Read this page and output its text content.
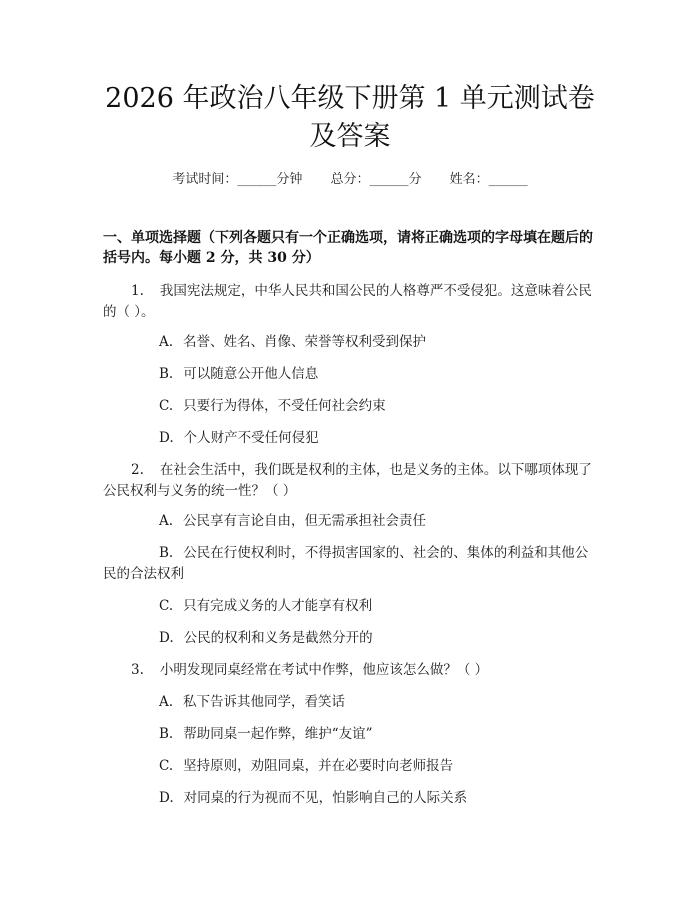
2026 年政治八年级下册第 1 单元测试卷及答案
考试时间：______分钟 总分：______分 姓名：______
一、单项选择题（下列各题只有一个正确选项，请将正确选项的字母填在题后的括号内。每小题 2 分，共 30 分）
1. 我国宪法规定，中华人民共和国公民的人格尊严不受侵犯。这意味着公民的（ ）。
A. 名誉、姓名、肖像、荣誉等权利受到保护
B. 可以随意公开他人信息
C. 只要行为得体，不受任何社会约束
D. 个人财产不受任何侵犯
2. 在社会生活中，我们既是权利的主体，也是义务的主体。以下哪项体现了公民权利与义务的统一性？（ ）
A. 公民享有言论自由，但无需承担社会责任
B. 公民在行使权利时，不得损害国家的、社会的、集体的利益和其他公民的合法权利
C. 只有完成义务的人才能享有权利
D. 公民的权利和义务是截然分开的
3. 小明发现同桌经常在考试中作弊，他应该怎么做？（ ）
A. 私下告诉其他同学，看笑话
B. 帮助同桌一起作弊，维护“友谊”
C. 坚持原则，劝阻同桌，并在必要时向老师报告
D. 对同桌的行为视而不见，怕影响自己的人际关系
